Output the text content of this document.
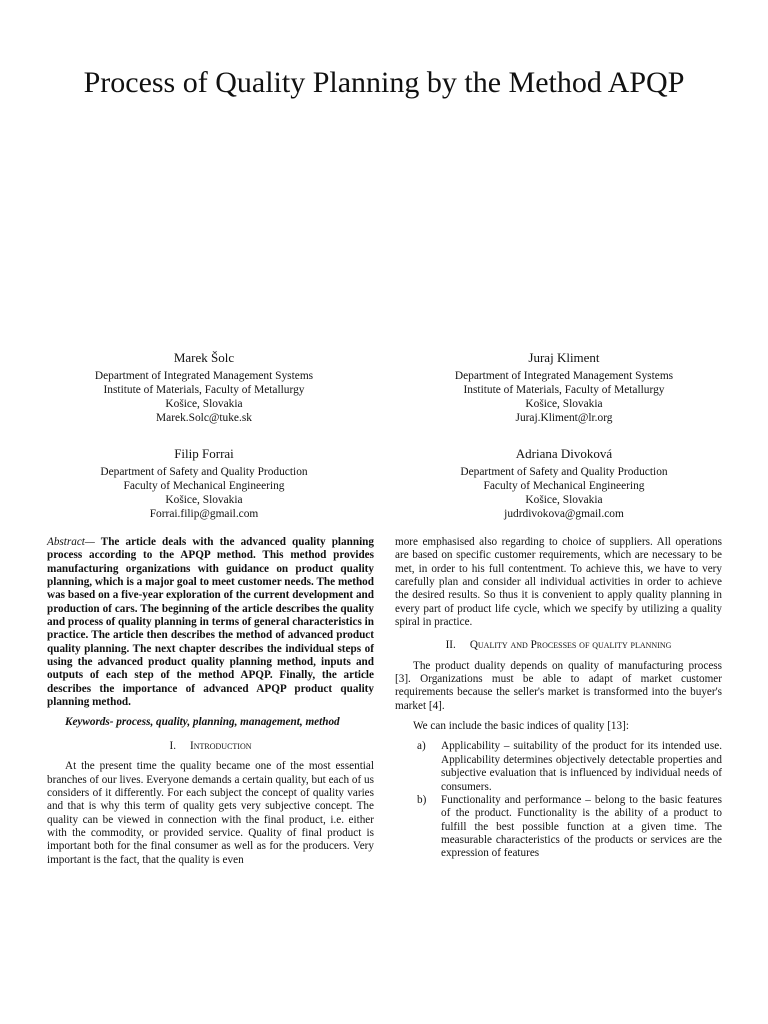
Process of Quality Planning by the Method APQP
Marek Šolc
Department of Integrated Management Systems
Institute of Materials, Faculty of Metallurgy
Košice, Slovakia
Marek.Solc@tuke.sk
Juraj Kliment
Department of Integrated Management Systems
Institute of Materials, Faculty of Metallurgy
Košice, Slovakia
Juraj.Kliment@lr.org
Filip Forrai
Department of Safety and Quality Production
Faculty of Mechanical Engineering
Košice, Slovakia
Forrai.filip@gmail.com
Adriana Divoková
Department of Safety and Quality Production
Faculty of Mechanical Engineering
Košice, Slovakia
judrdivokova@gmail.com

Abstract— The article deals with the advanced quality planning process according to the APQP method. This method provides manufacturing organizations with guidance on product quality planning, which is a major goal to meet customer needs. The method was based on a five-year exploration of the current development and production of cars. The beginning of the article describes the quality and process of quality planning in terms of general characteristics in practice. The article then describes the method of advanced product quality planning. The next chapter describes the individual steps of using the advanced product quality planning method, inputs and outputs of each step of the method APQP. Finally, the article describes the importance of advanced APQP product quality planning method.

Keywords- process, quality, planning, management, method

I. Introduction

At the present time the quality became one of the most essential branches of our lives. Everyone demands a certain quality, but each of us considers of it differently. For each subject the concept of quality varies and that is why this term of quality gets very subjective concept. The quality can be viewed in connection with the final product, i.e. either with the commodity, or provided service. Quality of final product is important both for the final consumer as well as for the producers. Very important is the fact, that the quality is even

more emphasised also regarding to choice of suppliers. All operations are based on specific customer requirements, which are necessary to be met, in order to his full contentment. To achieve this, we have to very carefully plan and consider all individual activities in order to achieve the desired results. So thus it is convenient to apply quality planning in every part of product life cycle, which we specify by utilizing a quality spiral in practice.

II. Quality and Processes of quality planning

The product duality depends on quality of manufacturing process [3]. Organizations must be able to adapt of market customer requirements because the seller's market is transformed into the buyer's market [4].

We can include the basic indices of quality [13]:

a) Applicability – suitability of the product for its intended use. Applicability determines objectively detectable properties and subjective evaluation that is influenced by individual needs of consumers.
b) Functionality and performance – belong to the basic features of the product. Functionality is the ability of a product to fulfill the best possible function at a given time. The measurable characteristics of the products or services are the expression of features
